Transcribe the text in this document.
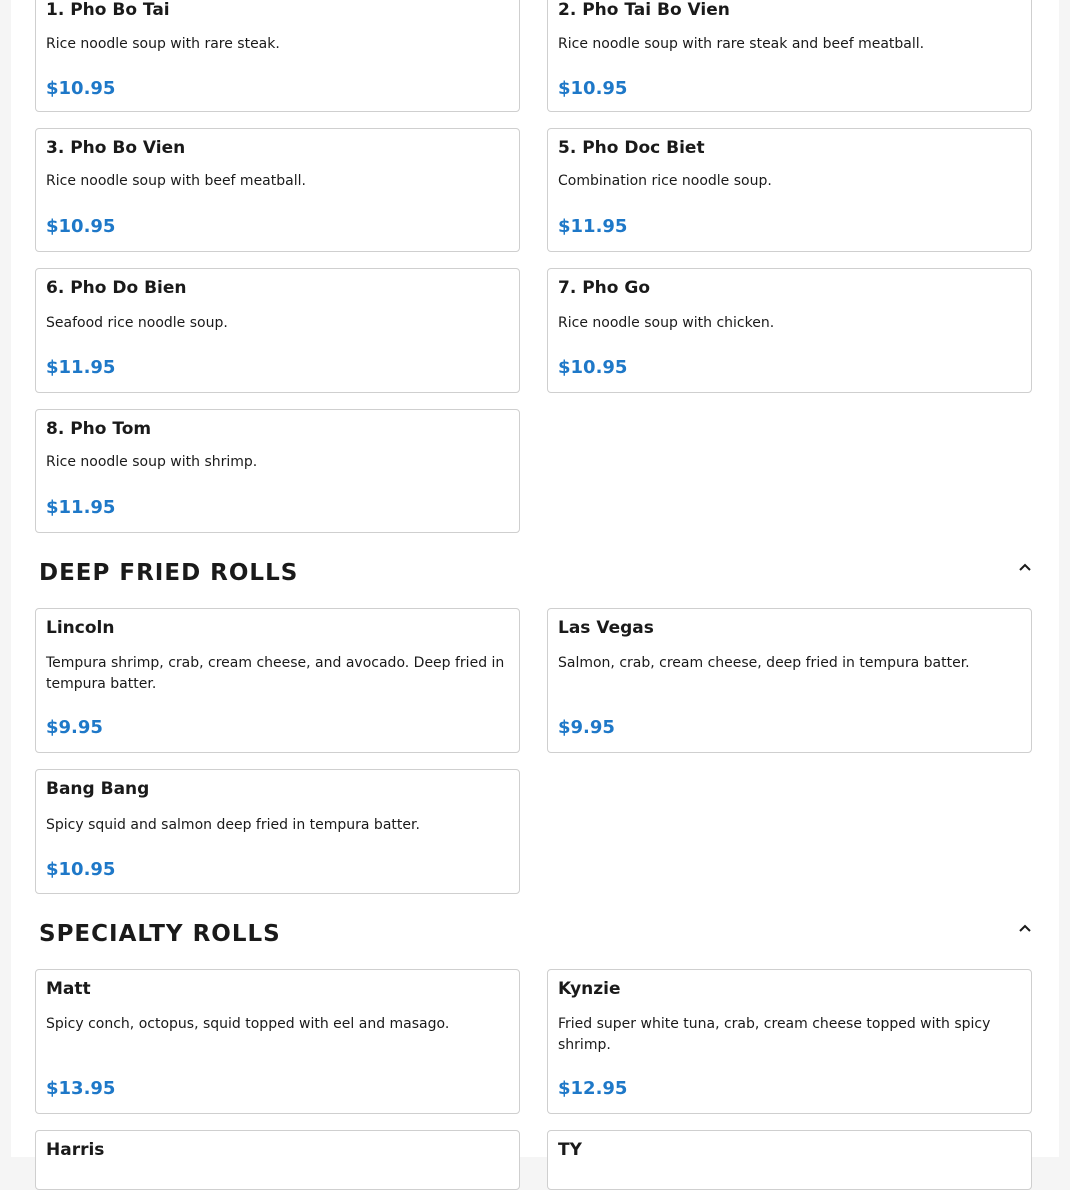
1. Pho Bo Tai
Rice noodle soup with rare steak.
$10.95
2. Pho Tai Bo Vien
Rice noodle soup with rare steak and beef meatball.
$10.95
3. Pho Bo Vien
Rice noodle soup with beef meatball.
$10.95
5. Pho Doc Biet
Combination rice noodle soup.
$11.95
6. Pho Do Bien
Seafood rice noodle soup.
$11.95
7. Pho Go
Rice noodle soup with chicken.
$10.95
8. Pho Tom
Rice noodle soup with shrimp.
$11.95
DEEP FRIED ROLLS
Lincoln
Tempura shrimp, crab, cream cheese, and avocado. Deep fried in tempura batter.
$9.95
Las Vegas
Salmon, crab, cream cheese, deep fried in tempura batter.
$9.95
Bang Bang
Spicy squid and salmon deep fried in tempura batter.
$10.95
SPECIALTY ROLLS
Matt
Spicy conch, octopus, squid topped with eel and masago.
$13.95
Kynzie
Fried super white tuna, crab, cream cheese topped with spicy shrimp.
$12.95
Harris	TY
